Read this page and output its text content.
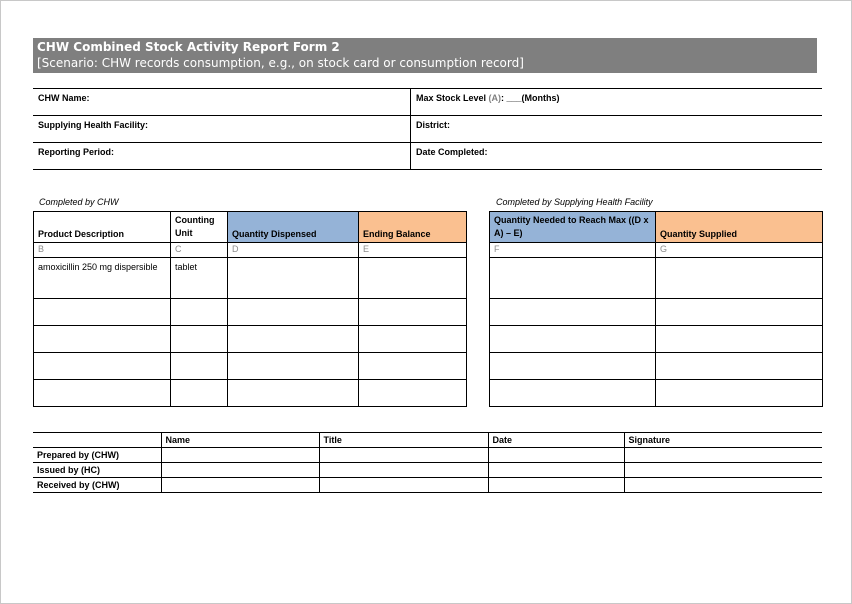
CHW Combined Stock Activity Report Form 2
[Scenario: CHW records consumption, e.g., on stock card or consumption record]
CHW Name:	Max Stock Level (A): ___(Months)
Supplying Health Facility:	District:
Reporting Period:	Date Completed:
Completed by CHW	Completed by Supplying Health Facility
Product Description	Counting Unit	Quantity Dispensed	Ending Balance
B	C	D	E
amoxicillin 250 mg dispersible	tablet		

Quantity Needed to Reach Max ((D x A) – E)	Quantity Supplied
F	G

	Name	Title	Date	Signature
Prepared by (CHW)				
Issued by (HC)				
Received by (CHW)				
